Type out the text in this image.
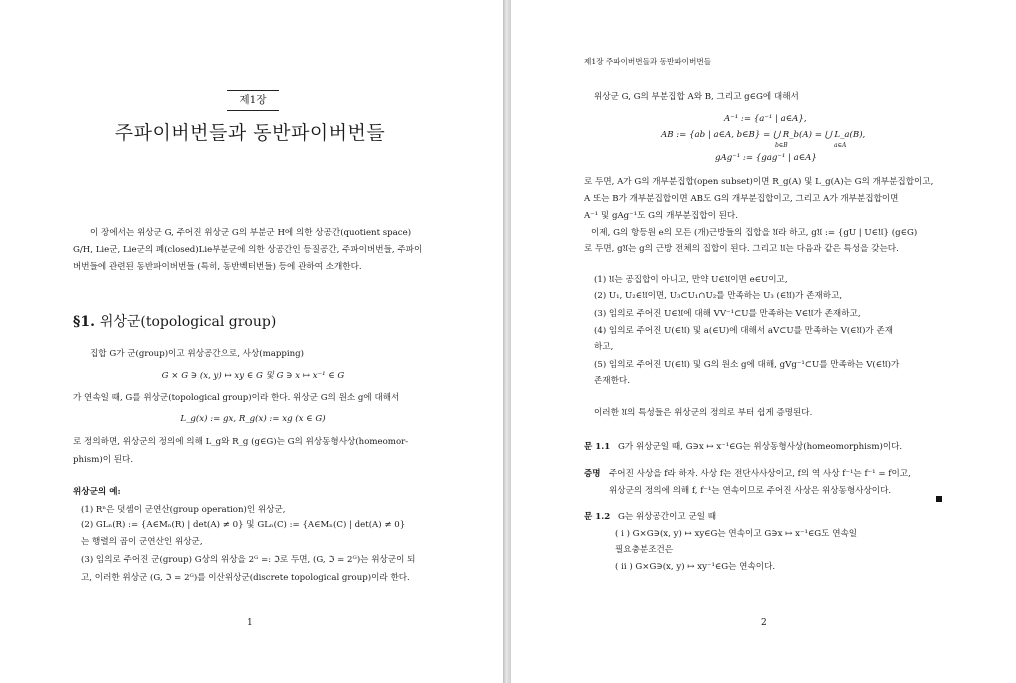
제1장
주파이버번들과 동반파이버번들
이 장에서는 위상군 G, 주어진 위상군 G의 부분군 H에 의한 상공간(quotient space)
G/H, Lie군, Lie군의 폐(closed)Lie부분군에 의한 상공간인 등질공간, 주파이버번들, 주파이
버번들에 관련된 동반파이버번들 (특히, 동반벡터번들) 등에 관하여 소개한다.
§1. 위상군(topological group)
집합 G가 군(group)이고 위상공간으로, 사상(mapping)
G × G ∋ (x, y) ↦ xy ∈ G 및 G ∋ x ↦ x⁻¹ ∈ G
가 연속일 때, G를 위상군(topological group)이라 한다. 위상군 G의 원소 g에 대해서
L_g(x) := gx, R_g(x) := xg (x ∈ G)
로 정의하면, 위상군의 정의에 의해 L_g와 R_g (g∈G)는 G의 위상동형사상(homeomor-
phism)이 된다.
위상군의 예:
(1) Rⁿ은 덧셈이 군연산(group operation)인 위상군,
(2) GLₙ(R) := {A∈Mₙ(R) | det(A) ≠ 0} 및 GLₙ(C) := {A∈Mₙ(C) | det(A) ≠ 0}
는 행렬의 곱이 군연산인 위상군,
(3) 임의로 주어진 군(group) G상의 위상을 2ᴳ =: ℑ로 두면, (G, ℑ = 2ᴳ)는 위상군이 되
고, 이러한 위상군 (G, ℑ = 2ᴳ)를 이산위상군(discrete topological group)이라 한다.
1
제1장 주파이버번들과 동반파이버번들
위상군 G, G의 부분집합 A와 B, 그리고 g∈G에 대해서
A⁻¹ := {a⁻¹ | a∈A},
AB := {ab | a∈A, b∈B} = ⋃ R_b(A) = ⋃ L_a(B),
b∈B	a∈A
gAg⁻¹ := {gag⁻¹ | a∈A}
로 두면, A가 G의 개부분집합(open subset)이면 R_g(A) 및 L_g(A)는 G의 개부분집합이고,
A 또는 B가 개부분집합이면 AB도 G의 개부분집합이고, 그리고 A가 개부분집합이면
A⁻¹ 및 gAg⁻¹도 G의 개부분집합이 된다.
이제, G의 항등원 e의 모든 (개)근방들의 집합을 𝔘라 하고, g𝔘 := {gU | U∈𝔘} (g∈G)
로 두면, g𝔘는 g의 근방 전체의 집합이 된다. 그리고 𝔘는 다음과 같은 특성을 갖는다.
(1) 𝔘는 공집합이 아니고, 만약 U∈𝔘이면 e∈U이고,
(2) U₁, U₂∈𝔘이면, U₃⊂U₁∩U₂를 만족하는 U₃ (∈𝔘)가 존재하고,
(3) 임의로 주어진 U∈𝔘에 대해 VV⁻¹⊂U를 만족하는 V∈𝔘가 존재하고,
(4) 임의로 주어진 U(∈𝔘) 및 a(∈U)에 대해서 aV⊂U를 만족하는 V(∈𝔘)가 존재
하고,
(5) 임의로 주어진 U(∈𝔘) 및 G의 원소 g에 대해, gVg⁻¹⊂U를 만족하는 V(∈𝔘)가
존재한다.
이러한 𝔘의 특성들은 위상군의 정의로 부터 쉽게 증명된다.
문 1.1 G가 위상군일 때, G∋x ↦ x⁻¹∈G는 위상동형사상(homeomorphism)이다.
증명 주어진 사상을 f라 하자. 사상 f는 전단사사상이고, f의 역 사상 f⁻¹는 f⁻¹ = f이고,
위상군의 정의에 의해 f, f⁻¹는 연속이므로 주어진 사상은 위상동형사상이다.
문 1.2 G는 위상공간이고 군일 때
( i ) G×G∋(x, y) ↦ xy∈G는 연속이고 G∋x ↦ x⁻¹∈G도 연속일
필요충분조건은
( ii ) G×G∋(x, y) ↦ xy⁻¹∈G는 연속이다.
2
